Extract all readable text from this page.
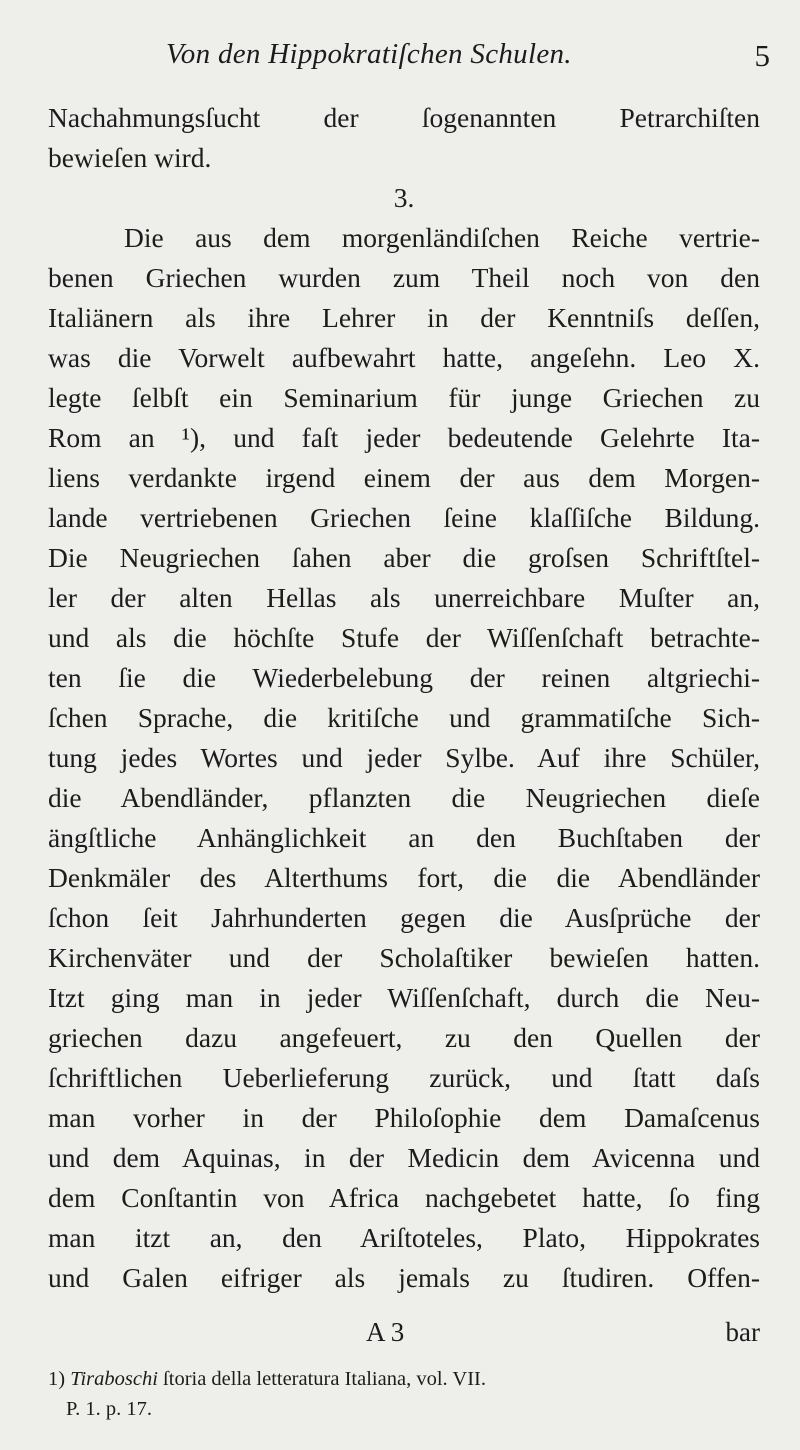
Von den Hippokratiſchen Schulen.	5
Nachahmungsſucht der ſogenannten Petrarchiſten
bewieſen wird.
3.
Die aus dem morgenländiſchen Reiche vertrie-
benen Griechen wurden zum Theil noch von den
Italiänern als ihre Lehrer in der Kenntniſs deſſen,
was die Vorwelt aufbewahrt hatte, angeſehn. Leo X.
legte ſelbſt ein Seminarium für junge Griechen zu
Rom an ¹), und faſt jeder bedeutende Gelehrte Ita-
liens verdankte irgend einem der aus dem Morgen-
lande vertriebenen Griechen ſeine klaſſiſche Bildung.
Die Neugriechen ſahen aber die groſsen Schriftſtel-
ler der alten Hellas als unerreichbare Muſter an,
und als die höchſte Stufe der Wiſſenſchaft betrachte-
ten ſie die Wiederbelebung der reinen altgriechi-
ſchen Sprache, die kritiſche und grammatiſche Sich-
tung jedes Wortes und jeder Sylbe. Auf ihre Schüler,
die Abendländer, pflanzten die Neugriechen dieſe
ängſtliche Anhänglichkeit an den Buchſtaben der
Denkmäler des Alterthums fort, die die Abendländer
ſchon ſeit Jahrhunderten gegen die Ausſprüche der
Kirchenväter und der Scholaſtiker bewieſen hatten.
Itzt ging man in jeder Wiſſenſchaft, durch die Neu-
griechen dazu angefeuert, zu den Quellen der
ſchriftlichen Ueberlieferung zurück, und ſtatt daſs
man vorher in der Philoſophie dem Damaſcenus
und dem Aquinas, in der Medicin dem Avicenna und
dem Conſtantin von Africa nachgebetet hatte, ſo fing
man itzt an, den Ariſtoteles, Plato, Hippokrates
und Galen eifriger als jemals zu ſtudiren. Offen-
A 3	bar
1) Tiraboschi ſtoria della letteratura Italiana, vol. VII.
P. 1. p. 17.
